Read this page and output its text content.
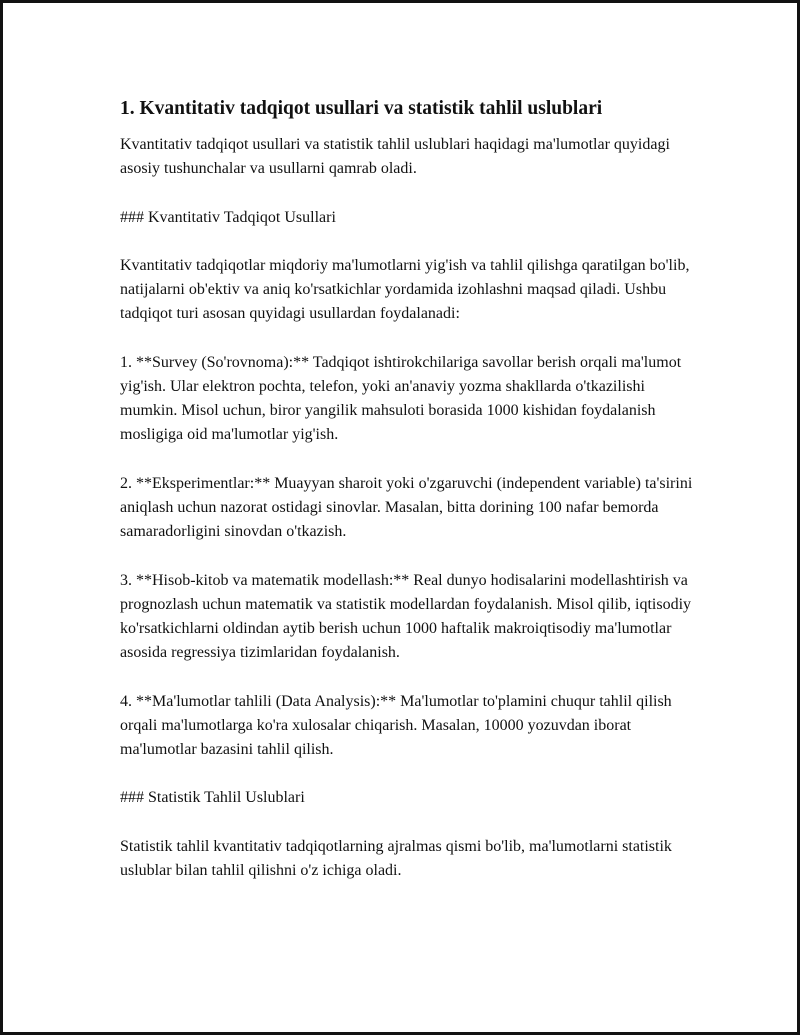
1. Kvantitativ tadqiqot usullari va statistik tahlil uslublari

Kvantitativ tadqiqot usullari va statistik tahlil uslublari haqidagi ma'lumotlar quyidagi asosiy tushunchalar va usullarni qamrab oladi.

### Kvantitativ Tadqiqot Usullari

Kvantitativ tadqiqotlar miqdoriy ma'lumotlarni yig'ish va tahlil qilishga qaratilgan bo'lib, natijalarni ob'ektiv va aniq ko'rsatkichlar yordamida izohlashni maqsad qiladi. Ushbu tadqiqot turi asosan quyidagi usullardan foydalanadi:

1. **Survey (So'rovnoma):** Tadqiqot ishtirokchilariga savollar berish orqali ma'lumot yig'ish. Ular elektron pochta, telefon, yoki an'anaviy yozma shakllarda o'tkazilishi mumkin. Misol uchun, biror yangilik mahsuloti borasida 1000 kishidan foydalanish mosligiga oid ma'lumotlar yig'ish.

2. **Eksperimentlar:** Muayyan sharoit yoki o'zgaruvchi (independent variable) ta'sirini aniqlash uchun nazorat ostidagi sinovlar. Masalan, bitta dorining 100 nafar bemorda samaradorligini sinovdan o'tkazish.

3. **Hisob-kitob va matematik modellash:** Real dunyo hodisalarini modellashtirish va prognozlash uchun matematik va statistik modellardan foydalanish. Misol qilib, iqtisodiy ko'rsatkichlarni oldindan aytib berish uchun 1000 haftalik makroiqtisodiy ma'lumotlar asosida regressiya tizimlaridan foydalanish.

4. **Ma'lumotlar tahlili (Data Analysis):** Ma'lumotlar to'plamini chuqur tahlil qilish orqali ma'lumotlarga ko'ra xulosalar chiqarish. Masalan, 10000 yozuvdan iborat ma'lumotlar bazasini tahlil qilish.

### Statistik Tahlil Uslublari

Statistik tahlil kvantitativ tadqiqotlarning ajralmas qismi bo'lib, ma'lumotlarni statistik uslublar bilan tahlil qilishni o'z ichiga oladi.
